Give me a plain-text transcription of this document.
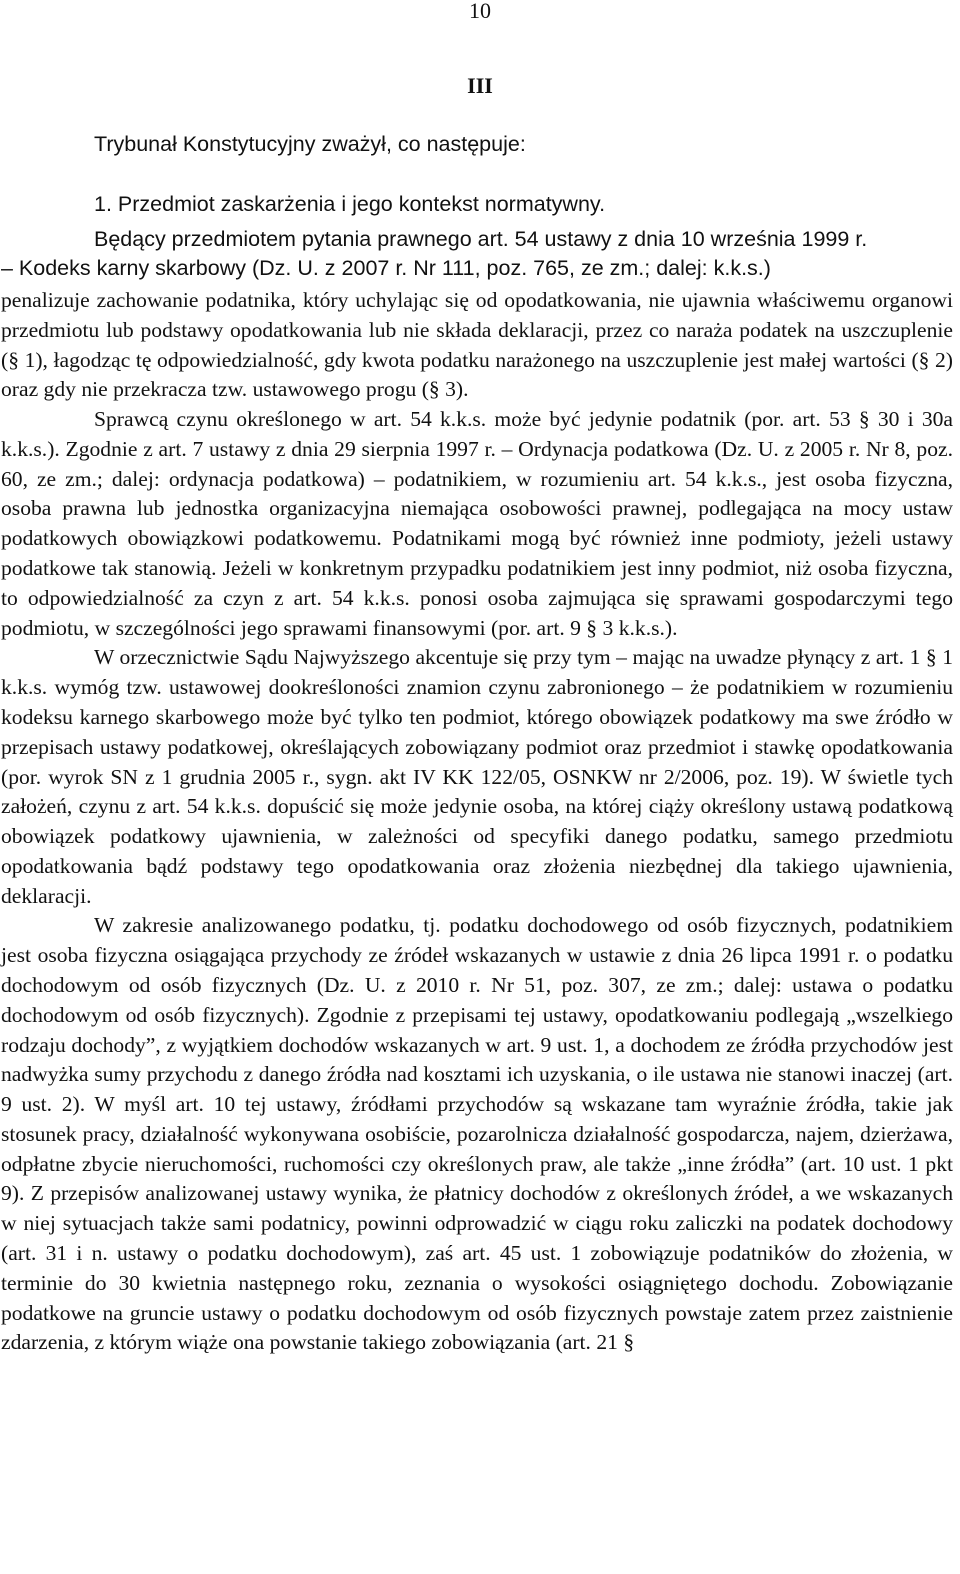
10
III
Trybunał Konstytucyjny zważył, co następuje:
1. Przedmiot zaskarżenia i jego kontekst normatywny.
Będący przedmiotem pytania prawnego art. 54 ustawy z dnia 10 września 1999 r.
– Kodeks karny skarbowy (Dz. U. z 2007 r. Nr 111, poz. 765, ze zm.; dalej: k.k.s.)

penalizuje zachowanie podatnika, który uchylając się od opodatkowania, nie ujawnia właściwemu organowi przedmiotu lub podstawy opodatkowania lub nie składa deklaracji, przez co naraża podatek na uszczuplenie (§ 1), łagodząc tę odpowiedzialność, gdy kwota podatku narażonego na uszczuplenie jest małej wartości (§ 2) oraz gdy nie przekracza tzw. ustawowego progu (§ 3).

Sprawcą czynu określonego w art. 54 k.k.s. może być jedynie podatnik (por. art. 53 § 30 i 30a k.k.s.). Zgodnie z art. 7 ustawy z dnia 29 sierpnia 1997 r. – Ordynacja podatkowa (Dz. U. z 2005 r. Nr 8, poz. 60, ze zm.; dalej: ordynacja podatkowa) – podatnikiem, w rozumieniu art. 54 k.k.s., jest osoba fizyczna, osoba prawna lub jednostka organizacyjna niemająca osobowości prawnej, podlegająca na mocy ustaw podatkowych obowiązkowi podatkowemu. Podatnikami mogą być również inne podmioty, jeżeli ustawy podatkowe tak stanowią. Jeżeli w konkretnym przypadku podatnikiem jest inny podmiot, niż osoba fizyczna, to odpowiedzialność za czyn z art. 54 k.k.s. ponosi osoba zajmująca się sprawami gospodarczymi tego podmiotu, w szczególności jego sprawami finansowymi (por. art. 9 § 3 k.k.s.).

W orzecznictwie Sądu Najwyższego akcentuje się przy tym – mając na uwadze płynący z art. 1 § 1 k.k.s. wymóg tzw. ustawowej dookreśloności znamion czynu zabronionego – że podatnikiem w rozumieniu kodeksu karnego skarbowego może być tylko ten podmiot, którego obowiązek podatkowy ma swe źródło w przepisach ustawy podatkowej, określających zobowiązany podmiot oraz przedmiot i stawkę opodatkowania (por. wyrok SN z 1 grudnia 2005 r., sygn. akt IV KK 122/05, OSNKW nr 2/2006, poz. 19). W świetle tych założeń, czynu z art. 54 k.k.s. dopuścić się może jedynie osoba, na której ciąży określony ustawą podatkową obowiązek podatkowy ujawnienia, w zależności od specyfiki danego podatku, samego przedmiotu opodatkowania bądź podstawy tego opodatkowania oraz złożenia niezbędnej dla takiego ujawnienia, deklaracji.

W zakresie analizowanego podatku, tj. podatku dochodowego od osób fizycznych, podatnikiem jest osoba fizyczna osiągająca przychody ze źródeł wskazanych w ustawie z dnia 26 lipca 1991 r. o podatku dochodowym od osób fizycznych (Dz. U. z 2010 r. Nr 51, poz. 307, ze zm.; dalej: ustawa o podatku dochodowym od osób fizycznych). Zgodnie z przepisami tej ustawy, opodatkowaniu podlegają „wszelkiego rodzaju dochody”, z wyjątkiem dochodów wskazanych w art. 9 ust. 1, a dochodem ze źródła przychodów jest nadwyżka sumy przychodu z danego źródła nad kosztami ich uzyskania, o ile ustawa nie stanowi inaczej (art. 9 ust. 2). W myśl art. 10 tej ustawy, źródłami przychodów są wskazane tam wyraźnie źródła, takie jak stosunek pracy, działalność wykonywana osobiście, pozarolnicza działalność gospodarcza, najem, dzierżawa, odpłatne zbycie nieruchomości, ruchomości czy określonych praw, ale także „inne źródła” (art. 10 ust. 1 pkt 9). Z przepisów analizowanej ustawy wynika, że płatnicy dochodów z określonych źródeł, a we wskazanych w niej sytuacjach także sami podatnicy, powinni odprowadzić w ciągu roku zaliczki na podatek dochodowy (art. 31 i n. ustawy o podatku dochodowym), zaś art. 45 ust. 1 zobowiązuje podatników do złożenia, w terminie do 30 kwietnia następnego roku, zeznania o wysokości osiągniętego dochodu. Zobowiązanie podatkowe na gruncie ustawy o podatku dochodowym od osób fizycznych powstaje zatem przez zaistnienie zdarzenia, z którym wiąże ona powstanie takiego zobowiązania (art. 21 §
